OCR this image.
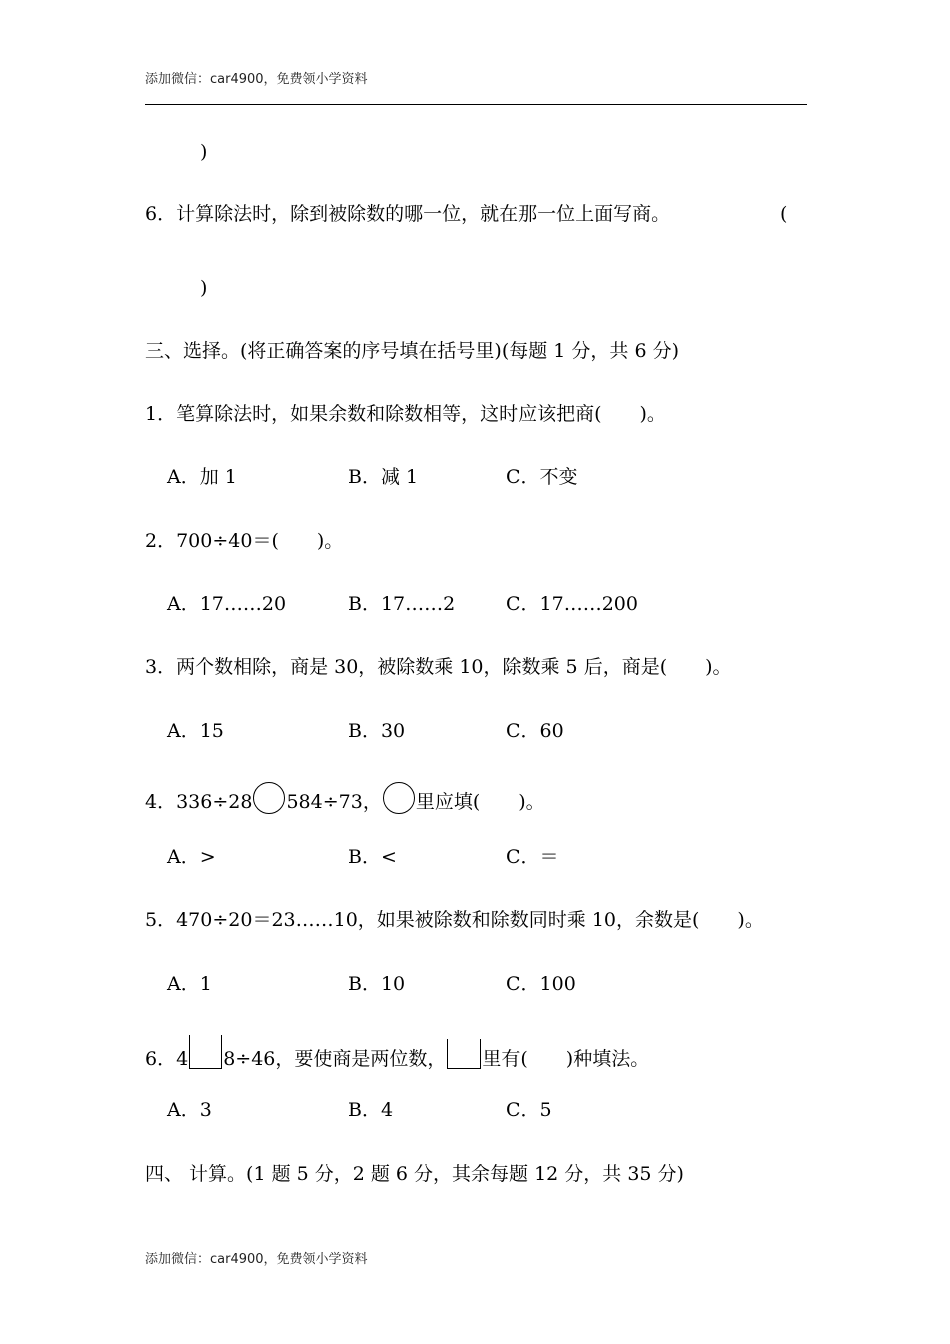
添加微信：car4900，免费领小学资料
)
6．计算除法时，除到被除数的哪一位，就在那一位上面写商。	(
)
三、选择。(将正确答案的序号填在括号里)(每题 1 分，共 6 分)
1．笔算除法时，如果余数和除数相等，这时应该把商(　　)。
A．加 1	B．减 1	C．不变
2．700÷40＝(　　)。
A．17……20	B．17……2	C．17……200
3．两个数相除，商是 30，被除数乘 10，除数乘 5 后，商是(　　)。
A．15	B．30	C．60
4．336÷28 584÷73， 里应填(　　)。
A．>	B．<	C．＝
5．470÷20＝23……10，如果被除数和除数同时乘 10，余数是(　　)。
A．1	B．10	C．100
6．4 8÷46，要使商是两位数， 里有(　　)种填法。
A．3	B．4	C．5
四、 计算。(1 题 5 分，2 题 6 分，其余每题 12 分，共 35 分)
添加微信：car4900，免费领小学资料
